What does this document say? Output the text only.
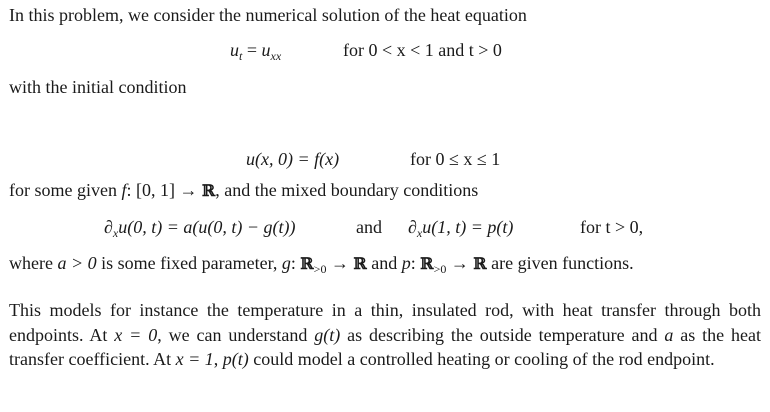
In this problem, we consider the numerical solution of the heat equation
$u_t = u_{xx}$	for 0 < x < 1 and t > 0
with the initial condition
u(x, 0) = f(x)	for 0 ≤ x ≤ 1
for some given f: [0, 1] → ℝ, and the mixed boundary conditions
$\partial_xu(0$, t) = a(u(0, t) − g(t))	and $\partial_xu(1$, t) = p(t)	for t > 0,
where a > 0 is some fixed parameter, g: ℝ$_{>0}$ → ℝ and p: ℝ$_{>0}$ → ℝ are given functions.
This models for instance the temperature in a thin, insulated rod, with heat transfer through both endpoints. At x = 0, we can understand g(t) as describing the outside temperature and a as the heat transfer coefficient. At x = 1, p(t) could model a controlled heating or cooling of the rod endpoint.
